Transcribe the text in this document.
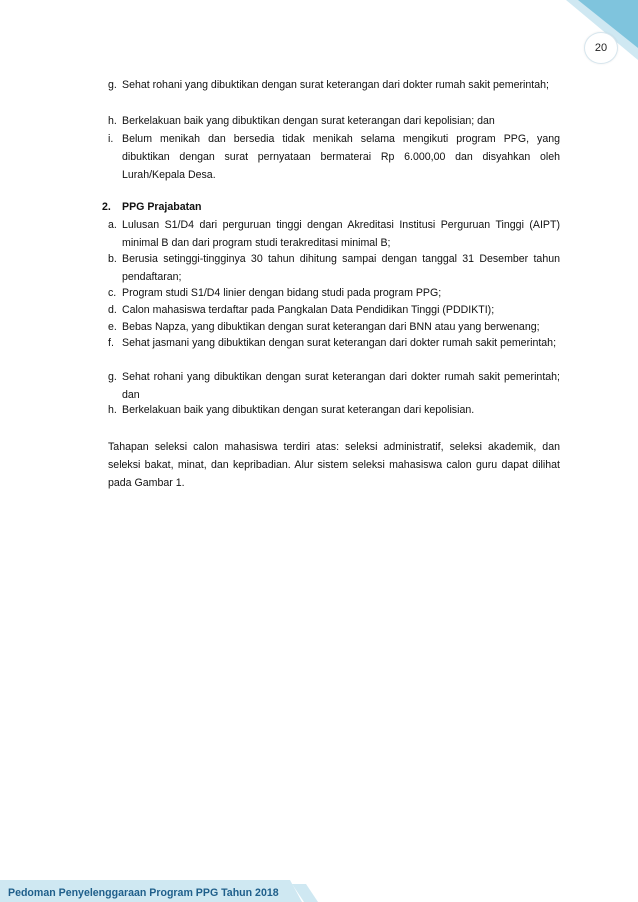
20
g. Sehat rohani yang dibuktikan dengan surat keterangan dari dokter rumah sakit pemerintah;
h. Berkelakuan baik yang dibuktikan dengan surat keterangan dari kepolisian; dan
i. Belum menikah dan bersedia tidak menikah selama mengikuti program PPG, yang dibuktikan dengan surat pernyataan bermaterai Rp 6.000,00 dan disyahkan oleh Lurah/Kepala Desa.
2. PPG Prajabatan
a. Lulusan S1/D4 dari perguruan tinggi dengan Akreditasi Institusi Perguruan Tinggi (AIPT) minimal B dan dari program studi terakreditasi minimal B;
b. Berusia setinggi-tingginya 30 tahun dihitung sampai dengan tanggal 31 Desember tahun pendaftaran;
c. Program studi S1/D4 linier dengan bidang studi pada program PPG;
d. Calon mahasiswa terdaftar pada Pangkalan Data Pendidikan Tinggi (PDDIKTI);
e. Bebas Napza, yang dibuktikan dengan surat keterangan dari BNN atau yang berwenang;
f. Sehat jasmani yang dibuktikan dengan surat keterangan dari dokter rumah sakit pemerintah;
g. Sehat rohani yang dibuktikan dengan surat keterangan dari dokter rumah sakit pemerintah; dan
h. Berkelakuan baik yang dibuktikan dengan surat keterangan dari kepolisian.
Tahapan seleksi calon mahasiswa terdiri atas: seleksi administratif, seleksi akademik, dan seleksi bakat, minat, dan kepribadian. Alur sistem seleksi mahasiswa calon guru dapat dilihat pada Gambar 1.
Pedoman Penyelenggaraan Program PPG Tahun 2018
